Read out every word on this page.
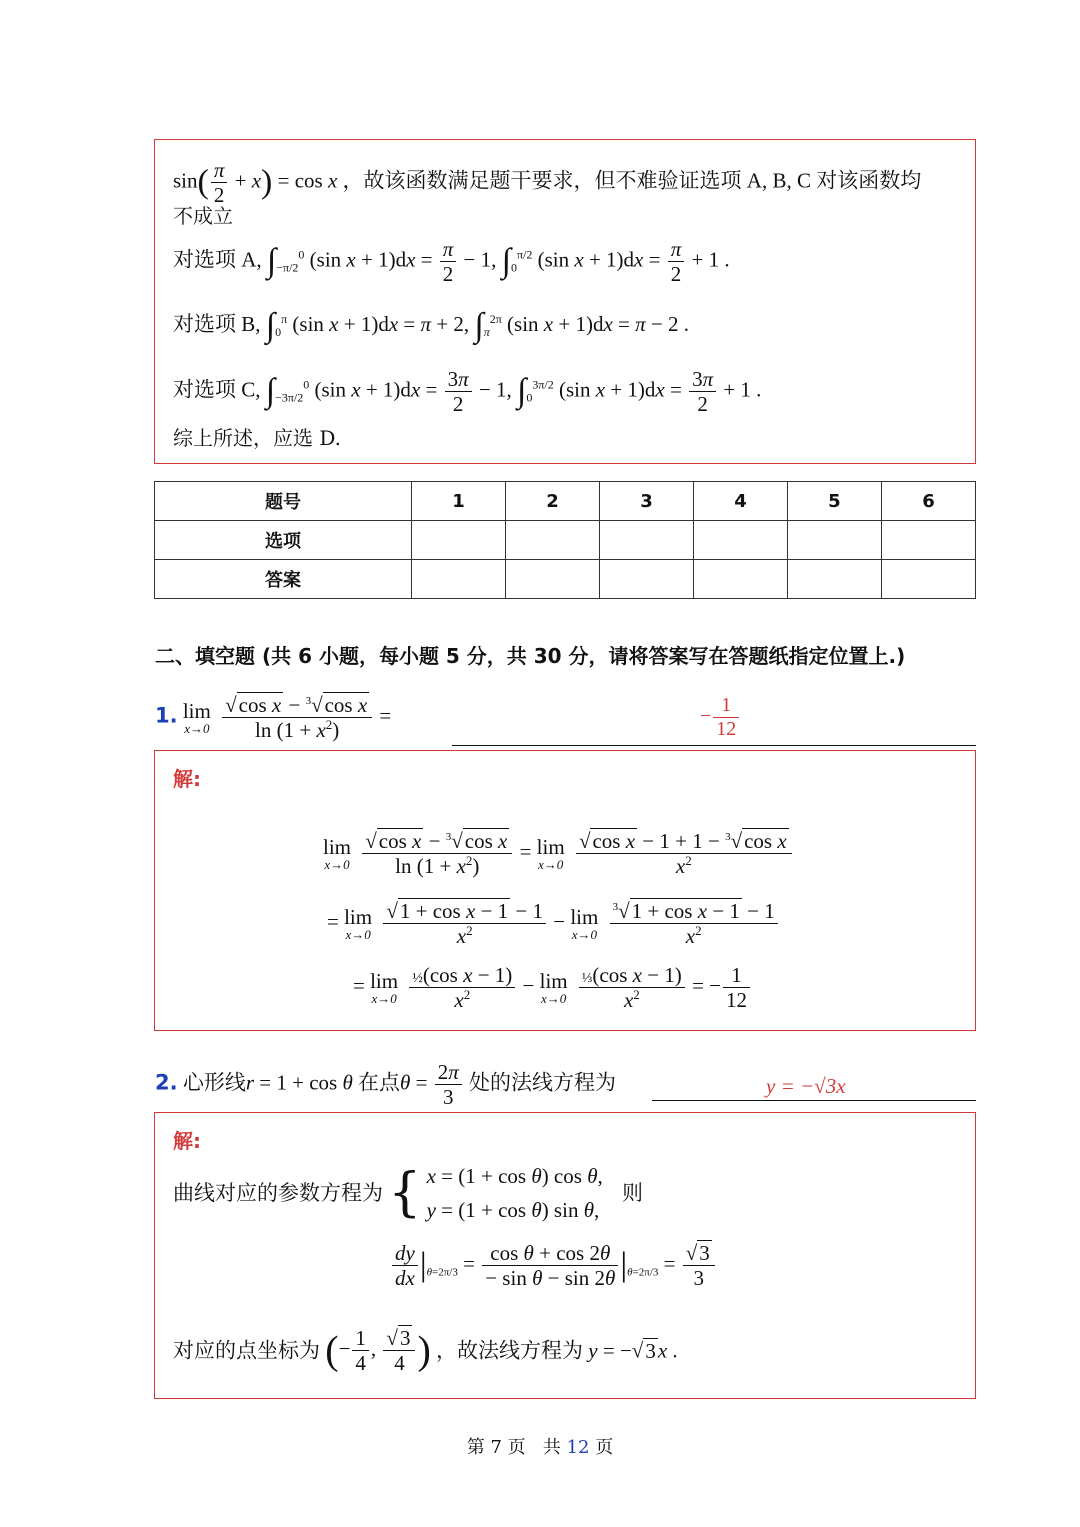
$\sin( \frac{\pi}{2} + x) = \cos x$ ，故该函数满足题干要求，但不难验证选项 A, B, C 对该函数均
不成立
对选项 A, $\int_{-\pi/2}^0$ (sin $x + 1)dx = \frac{\pi}{2} - 1$, $\int_0^{\pi/2}$ (sin $x + 1)dx = \frac{\pi}{2} + 1$ .
对选项 B, $\int_0^\pi$ (sin x + 1)dx = π + 2, $\int_\pi^{2\pi}$ (sin x + 1)dx = π − 2 .
对选项 C, $\int_{-3\pi/2}^0$ (sin $x + 1)dx = \frac{3\pi}{2} - 1$, $\int_0^{3\pi/2}$ (sin $x + 1)dx = \frac{3\pi}{2} + 1$ .
综上所述，应选 D.
题号	1	2	3	4	5	6
选项						
答案						
二、填空题 (共 6 小题，每小题 5 分，共 30 分，请将答案写在答题纸指定位置上.)
1. lim
x→0
$\frac{√\cos x - ^3√\cos x}{\ln (1 + x^2)}$ =	− $\frac{1}{12}$
解:
lim
x→0
$\frac{√\cos x - ^3√\cos x}{\ln (1 + x^2)} = \lim$
x→0
$\frac{√\cos x - 1 + 1 - ^3√\cos x}{x^2}$
= lim
x→0
$\frac{\text{√1 + cos x − 1 − 1}}{x^2} - \lim$
x→0
$\frac{^3√1 + \cos x - 1 - 1}{x^2}$
= lim
x→0
$\frac{\text{½(cos x − 1)}}{x^2} - \lim$
x→0
$\frac{\text{⅓(cos x − 1)}}{x^2}$ = − $\frac{1}{12}$
2. 心形线r = 1 + cos θ 在点$\theta = \frac{2\pi}{3}$ 处的法线方程为	y = −√3x
解:
曲线对应的参数方程为 { x = (1 + cos θ) cos θ,
y = (1 + cos θ) sin θ,
则
$\frac{dy}{dx} |_{\theta=2\pi/3} = \frac{\text{cos θ + cos 2θ}}{\text{− sin θ − sin 2θ}} |_{\theta=2\pi/3} = \frac{√3}{3}$
对应的点坐标为 (− $\frac{1}{4}$ , $\frac{√3}{4}$ ) ，故法线方程为 y = −√3x .
第 7 页 共 12 页
